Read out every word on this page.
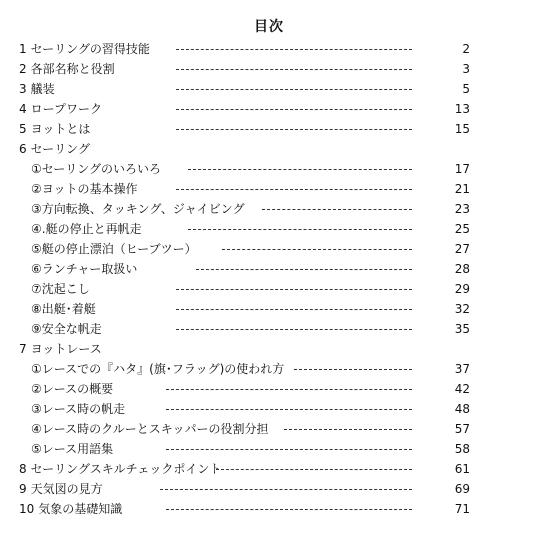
目次
1 セーリングの習得技能	2
2 各部名称と役割	3
3 艤装	5
4 ロープワーク	13
5 ヨットとは	15
6 セーリング
①セーリングのいろいろ	17
②ヨットの基本操作	21
③方向転換、タッキング、ジャイビング	23
④.艇の停止と再帆走	25
⑤艇の停止漂泊（ヒーブツー）	27
⑥ランチャー取扱い	28
⑦沈起こし	29
⑧出艇･着艇	32
⑨安全な帆走	35
7 ヨットレース
①レースでの『ハタ』(旗･フラッグ)の使われ方	37
②レースの概要	42
③レース時の帆走	48
④レース時のクルーとスキッパーの役割分担	57
⑤レース用語集	58
8 セーリングスキルチェックポイント	61
9 天気図の見方	69
10 気象の基礎知識	71
